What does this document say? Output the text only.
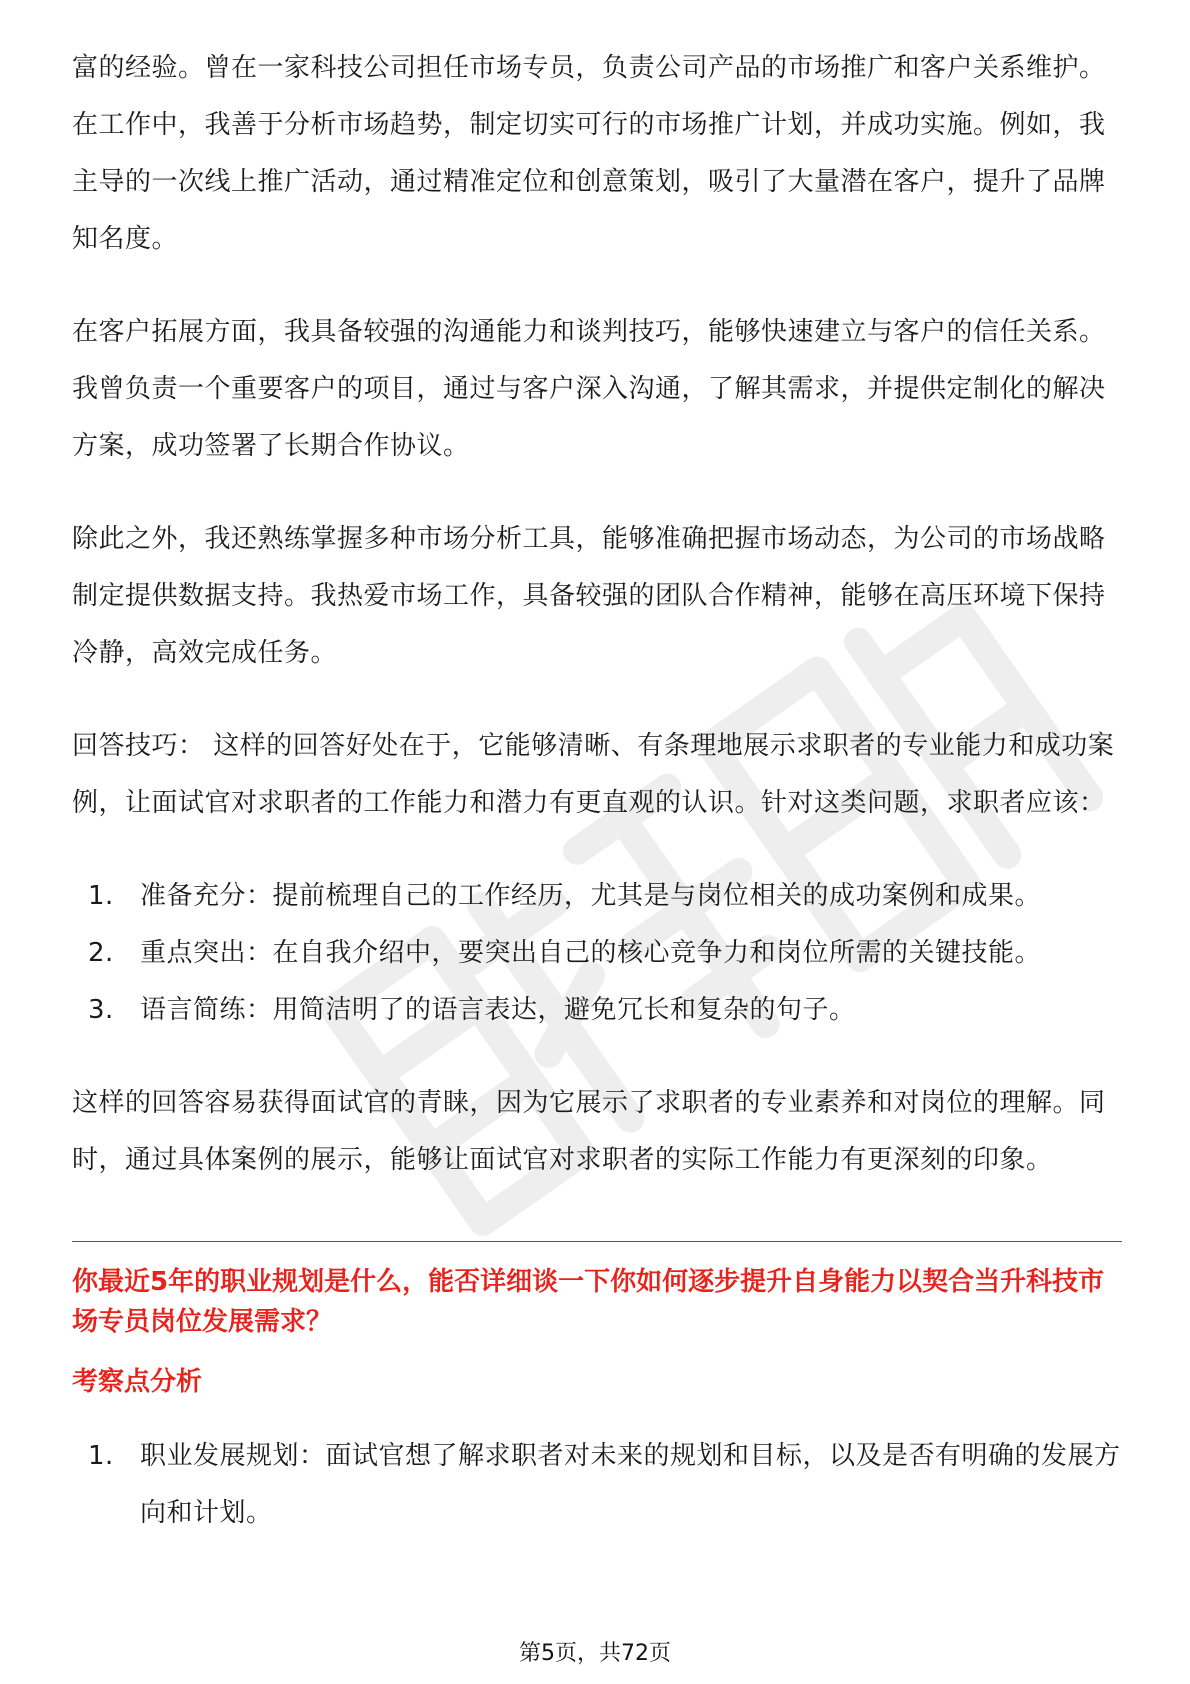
富的经验。曾在一家科技公司担任市场专员，负责公司产品的市场推广和客户关系维护。在工作中，我善于分析市场趋势，制定切实可行的市场推广计划，并成功实施。例如，我主导的一次线上推广活动，通过精准定位和创意策划，吸引了大量潜在客户，提升了品牌知名度。

在客户拓展方面，我具备较强的沟通能力和谈判技巧，能够快速建立与客户的信任关系。我曾负责一个重要客户的项目，通过与客户深入沟通，了解其需求，并提供定制化的解决方案，成功签署了长期合作协议。

除此之外，我还熟练掌握多种市场分析工具，能够准确把握市场动态，为公司的市场战略制定提供数据支持。我热爱市场工作，具备较强的团队合作精神，能够在高压环境下保持冷静，高效完成任务。

回答技巧： 这样的回答好处在于，它能够清晰、有条理地展示求职者的专业能力和成功案例，让面试官对求职者的工作能力和潜力有更直观的认识。针对这类问题，求职者应该：

1.	准备充分：提前梳理自己的工作经历，尤其是与岗位相关的成功案例和成果。
2.	重点突出：在自我介绍中，要突出自己的核心竞争力和岗位所需的关键技能。
3.	语言简练：用简洁明了的语言表达，避免冗长和复杂的句子。

这样的回答容易获得面试官的青睐，因为它展示了求职者的专业素养和对岗位的理解。同时，通过具体案例的展示，能够让面试官对求职者的实际工作能力有更深刻的印象。

你最近5年的职业规划是什么，能否详细谈一下你如何逐步提升自身能力以契合当升科技市场专员岗位发展需求？
考察点分析
1.	职业发展规划：面试官想了解求职者对未来的规划和目标，以及是否有明确的发展方向和计划。
第5页，共72页
